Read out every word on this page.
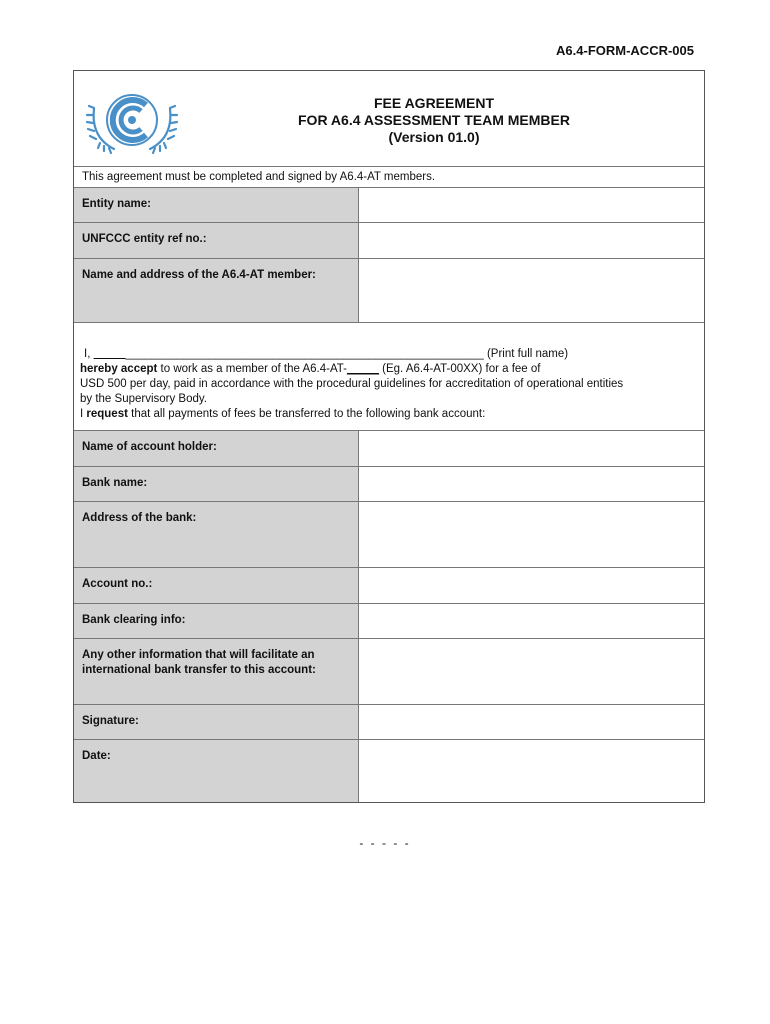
A6.4-FORM-ACCR-005
FEE AGREEMENT
FOR A6.4 ASSESSMENT TEAM MEMBER
(Version 01.0)
This agreement must be completed and signed by A6.4-AT members.
Entity name:
UNFCCC entity ref no.:
Name and address of the A6.4-AT member:

I, _____________________________________________________________ (Print full name)

hereby accept to work as a member of the A6.4-AT-_____ (Eg. A6.4-AT-00XX) for a fee of

USD 500 per day, paid in accordance with the procedural guidelines for accreditation of operational entities

by the Supervisory Body.

I request that all payments of fees be transferred to the following bank account:

Name of account holder:
Bank name:
Address of the bank:
Account no.:
Bank clearing info:
Any other information that will facilitate an international bank transfer to this account:
Signature:
Date:
- - - - -
